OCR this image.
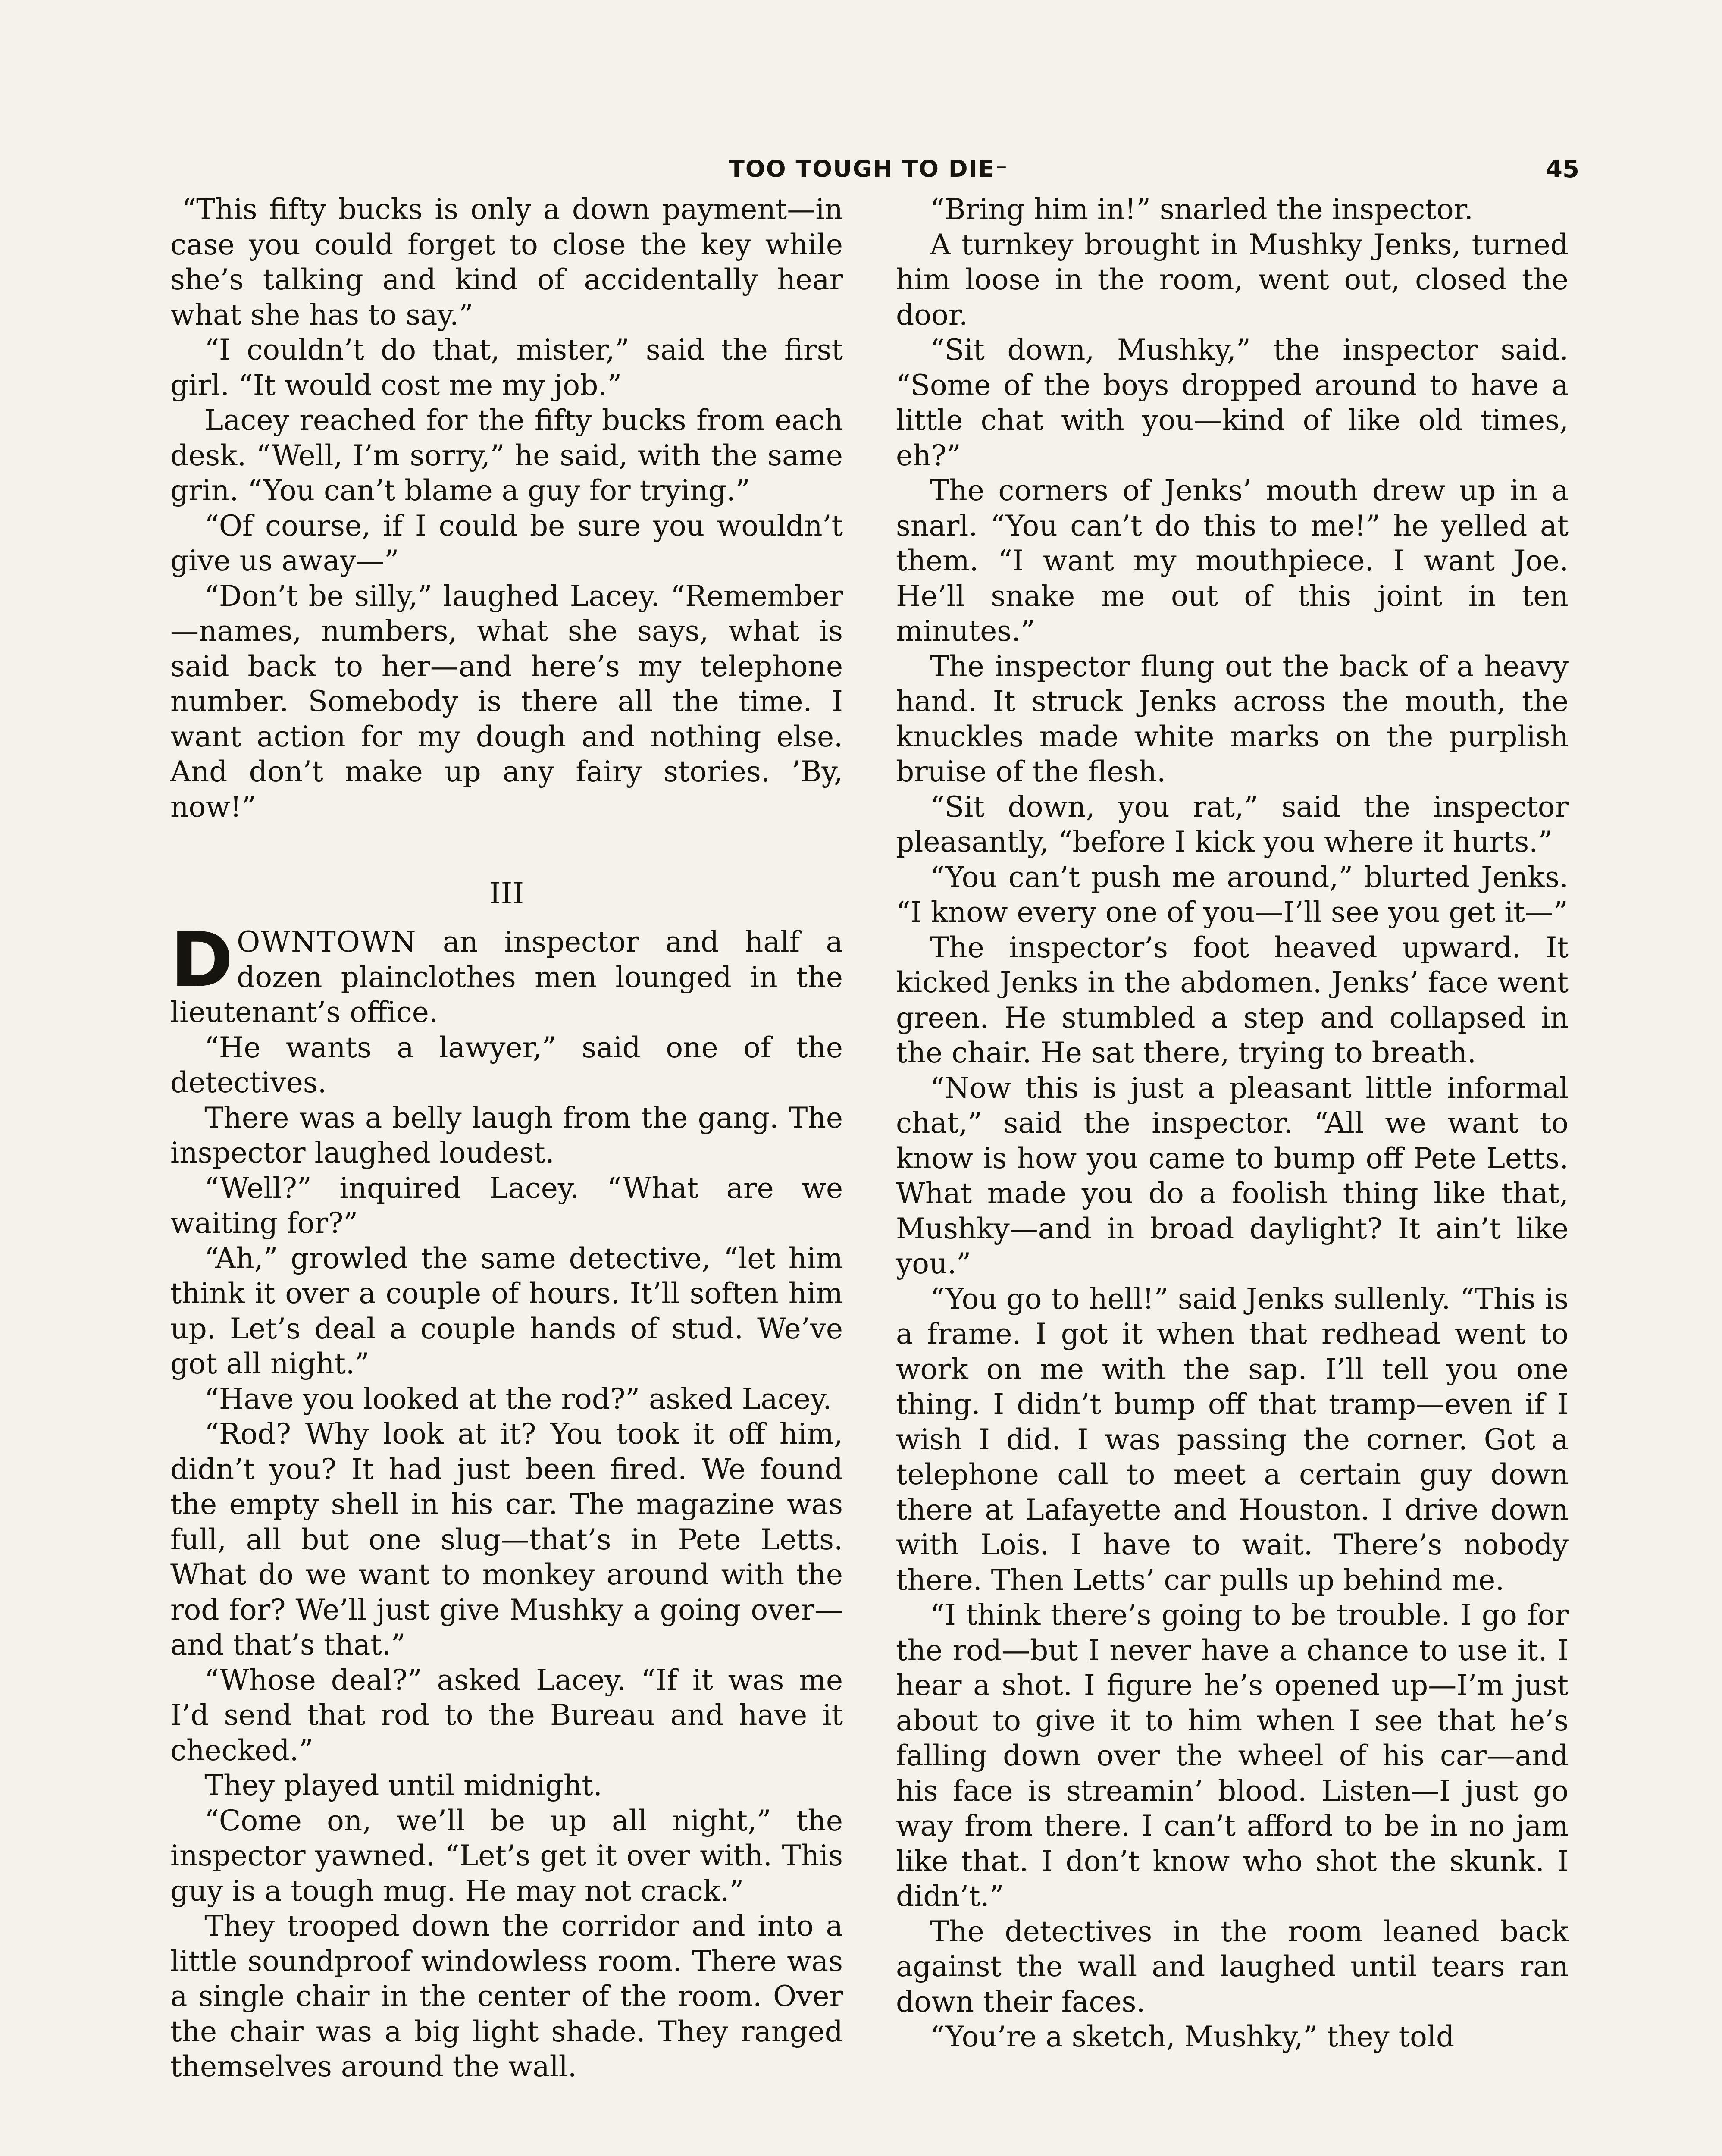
TOO TOUGH TO DIE –	45

“This fifty bucks is only a down payment—in case you could forget to close the key while she’s talking and kind of accidentally hear what she has to say.”

“I couldn’t do that, mister,” said the first girl. “It would cost me my job.”

Lacey reached for the fifty bucks from each desk. “Well, I’m sorry,” he said, with the same grin. “You can’t blame a guy for trying.”

“Of course, if I could be sure you wouldn’t give us away—”

“Don’t be silly,” laughed Lacey. “Remember—names, numbers, what she says, what is said back to her—and here’s my telephone number. Somebody is there all the time. I want action for my dough and nothing else. And don’t make up any fairy stories. ’By, now!”

III

DOWNTOWN an inspector and half a dozen plainclothes men lounged in the lieutenant’s office.

“He wants a lawyer,” said one of the detectives.

There was a belly laugh from the gang. The inspector laughed loudest.

“Well?” inquired Lacey. “What are we waiting for?”

“Ah,” growled the same detective, “let him think it over a couple of hours. It’ll soften him up. Let’s deal a couple hands of stud. We’ve got all night.”

“Have you looked at the rod?” asked Lacey.

“Rod? Why look at it? You took it off him, didn’t you? It had just been fired. We found the empty shell in his car. The magazine was full, all but one slug—that’s in Pete Letts. What do we want to monkey around with the rod for? We’ll just give Mushky a going over—and that’s that.”

“Whose deal?” asked Lacey. “If it was me I’d send that rod to the Bureau and have it checked.”

They played until midnight.

“Come on, we’ll be up all night,” the inspector yawned. “Let’s get it over with. This guy is a tough mug. He may not crack.”

They trooped down the corridor and into a little soundproof windowless room. There was a single chair in the center of the room. Over the chair was a big light shade. They ranged themselves around the wall.

“Bring him in!” snarled the inspector.

A turnkey brought in Mushky Jenks, turned him loose in the room, went out, closed the door.

“Sit down, Mushky,” the inspector said. “Some of the boys dropped around to have a little chat with you—kind of like old times, eh?”

The corners of Jenks’ mouth drew up in a snarl. “You can’t do this to me!” he yelled at them. “I want my mouthpiece. I want Joe. He’ll snake me out of this joint in ten minutes.”

The inspector flung out the back of a heavy hand. It struck Jenks across the mouth, the knuckles made white marks on the purplish bruise of the flesh.

“Sit down, you rat,” said the inspector pleasantly, “before I kick you where it hurts.”

“You can’t push me around,” blurted Jenks. “I know every one of you—I’ll see you get it—”

The inspector’s foot heaved upward. It kicked Jenks in the abdomen. Jenks’ face went green. He stumbled a step and collapsed in the chair. He sat there, trying to breath.

“Now this is just a pleasant little informal chat,” said the inspector. “All we want to know is how you came to bump off Pete Letts. What made you do a foolish thing like that, Mushky—and in broad daylight? It ain’t like you.”

“You go to hell!” said Jenks sullenly. “This is a frame. I got it when that redhead went to work on me with the sap. I’ll tell you one thing. I didn’t bump off that tramp—even if I wish I did. I was passing the corner. Got a telephone call to meet a certain guy down there at Lafayette and Houston. I drive down with Lois. I have to wait. There’s nobody there. Then Letts’ car pulls up behind me.

“I think there’s going to be trouble. I go for the rod—but I never have a chance to use it. I hear a shot. I figure he’s opened up—I’m just about to give it to him when I see that he’s falling down over the wheel of his car—and his face is streamin’ blood. Listen—I just go way from there. I can’t afford to be in no jam like that. I don’t know who shot the skunk. I didn’t.”

The detectives in the room leaned back against the wall and laughed until tears ran down their faces.

“You’re a sketch, Mushky,” they told
